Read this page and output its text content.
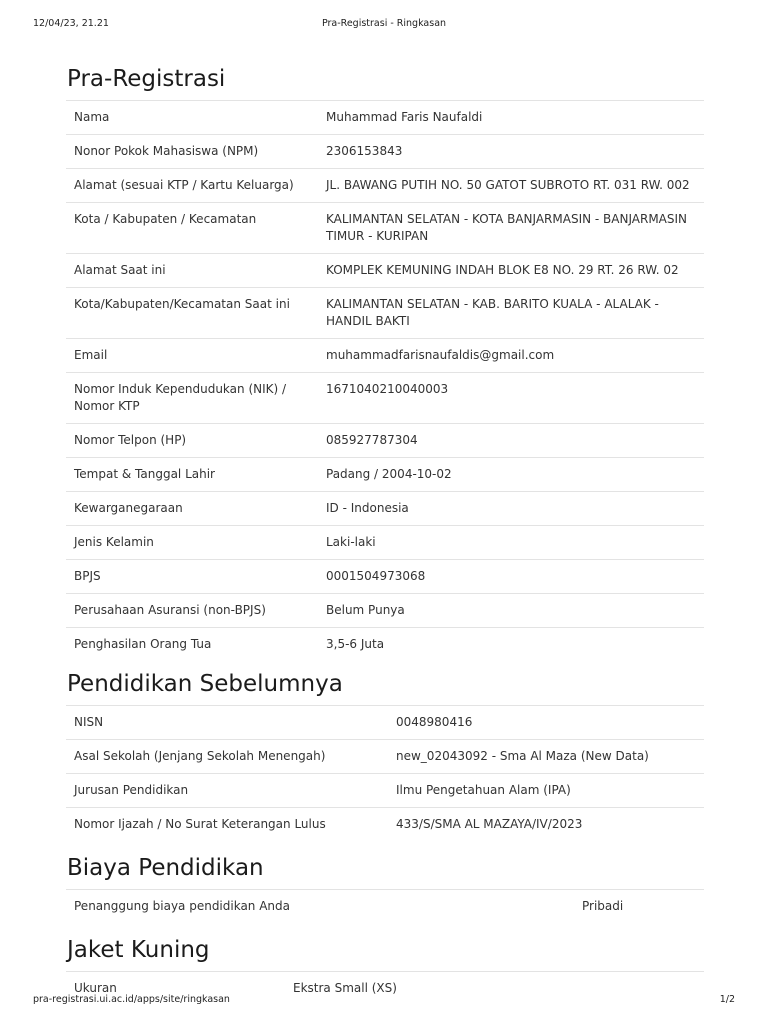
12/04/23, 21.21	Pra-Registrasi - Ringkasan
Pra-Registrasi
Nama	Muhammad Faris Naufaldi
Nonor Pokok Mahasiswa (NPM)	2306153843
Alamat (sesuai KTP / Kartu Keluarga)	JL. BAWANG PUTIH NO. 50 GATOT SUBROTO RT. 031 RW. 002
Kota / Kabupaten / Kecamatan	KALIMANTAN SELATAN - KOTA BANJARMASIN - BANJARMASIN TIMUR - KURIPAN
Alamat Saat ini	KOMPLEK KEMUNING INDAH BLOK E8 NO. 29 RT. 26 RW. 02
Kota/Kabupaten/Kecamatan Saat ini	KALIMANTAN SELATAN - KAB. BARITO KUALA - ALALAK - HANDIL BAKTI
Email	muhammadfarisnaufaldis@gmail.com
Nomor Induk Kependudukan (NIK) / Nomor KTP	1671040210040003
Nomor Telpon (HP)	085927787304
Tempat & Tanggal Lahir	Padang / 2004-10-02
Kewarganegaraan	ID - Indonesia
Jenis Kelamin	Laki-laki
BPJS	0001504973068
Perusahaan Asuransi (non-BPJS)	Belum Punya
Penghasilan Orang Tua	3,5-6 Juta
Pendidikan Sebelumnya
NISN	0048980416
Asal Sekolah (Jenjang Sekolah Menengah)	new_02043092 - Sma Al Maza (New Data)
Jurusan Pendidikan	Ilmu Pengetahuan Alam (IPA)
Nomor Ijazah / No Surat Keterangan Lulus	433/S/SMA AL MAZAYA/IV/2023
Biaya Pendidikan
Penanggung biaya pendidikan Anda	Pribadi
Jaket Kuning
Ukuran	Ekstra Small (XS)
pra-registrasi.ui.ac.id/apps/site/ringkasan	1/2
